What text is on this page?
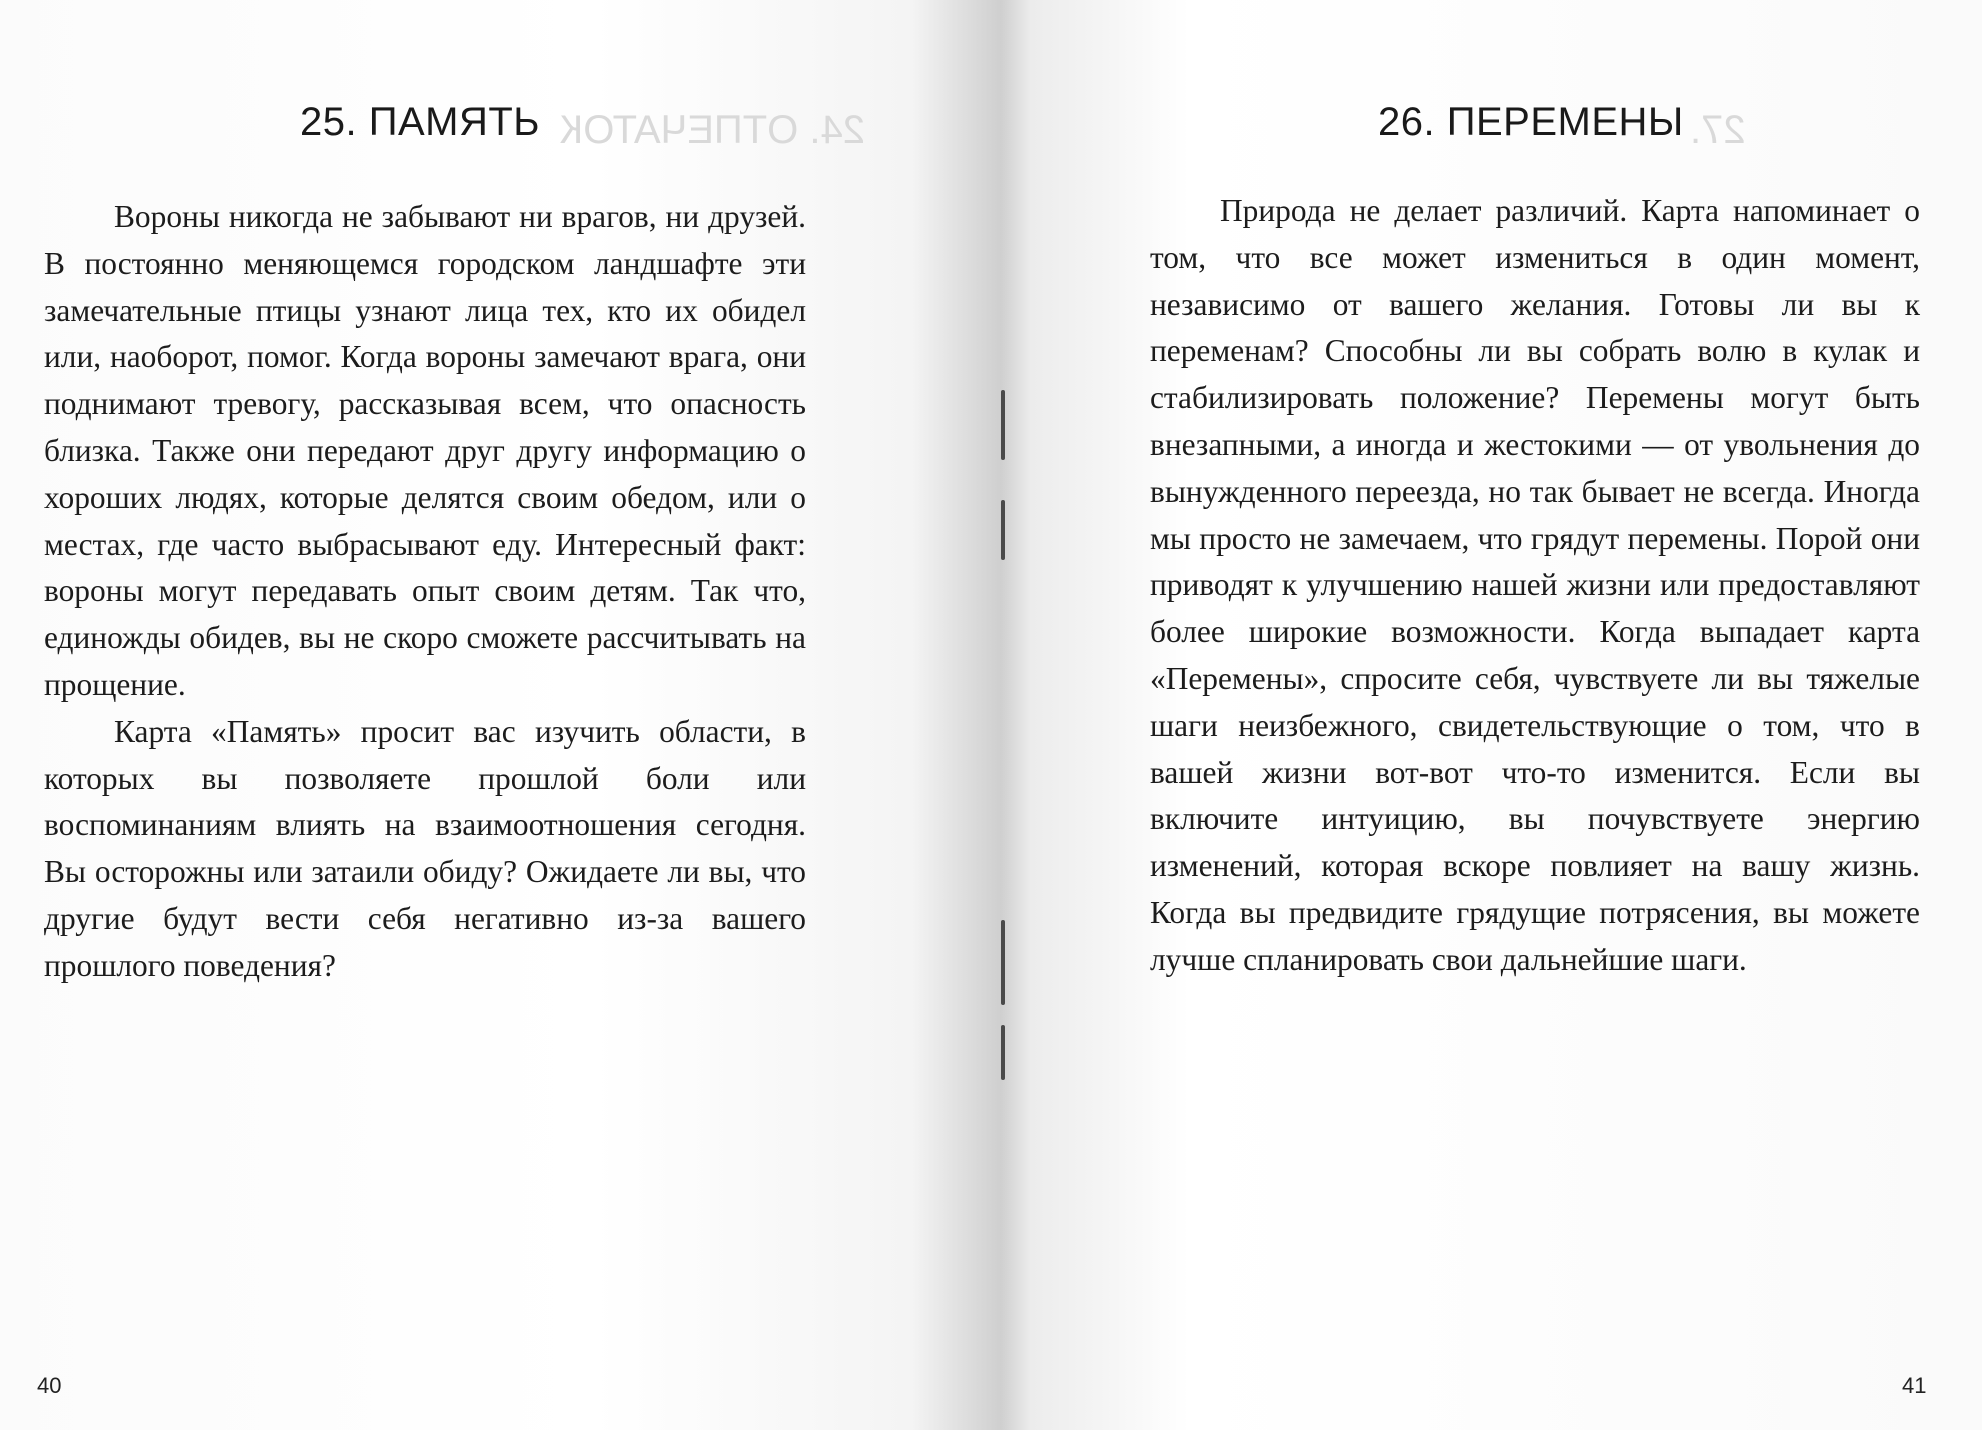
24. ОТПЕЧАТОК	27.
25. ПАМЯТЬ

Вороны никогда не забывают ни врагов, ни друзей. В постоянно меняющемся городском ландшафте эти замечательные птицы узнают лица тех, кто их обидел или, наоборот, помог. Когда вороны замечают врага, они поднимают тревогу, рассказывая всем, что опасность близка. Также они передают друг другу информацию о хороших людях, которые делятся своим обедом, или о местах, где часто выбрасывают еду. Интересный факт: вороны могут передавать опыт своим детям. Так что, единожды обидев, вы не скоро сможете рассчитывать на прощение.

Карта «Память» просит вас изучить области, в которых вы позволяете прошлой боли или воспоминаниям влиять на взаимоотношения сегодня. Вы осторожны или затаили обиду? Ожидаете ли вы, что другие будут вести себя негативно из-за вашего прошлого поведения?

40
26. ПЕРЕМЕНЫ

Природа не делает различий. Карта напоминает о том, что все может измениться в один момент, независимо от вашего желания. Готовы ли вы к переменам? Способны ли вы собрать волю в кулак и стабилизировать положение? Перемены могут быть внезапными, а иногда и жестокими — от увольнения до вынужденного переезда, но так бывает не всегда. Иногда мы просто не замечаем, что грядут перемены. Порой они приводят к улучшению нашей жизни или предоставляют более широкие возможности. Когда выпадает карта «Перемены», спросите себя, чувствуете ли вы тяжелые шаги неизбежного, свидетельствующие о том, что в вашей жизни вот-вот что-то изменится. Если вы включите интуицию, вы почувствуете энергию изменений, которая вскоре повлияет на вашу жизнь. Когда вы предвидите грядущие потрясения, вы можете лучше спланировать свои дальнейшие шаги.

41
